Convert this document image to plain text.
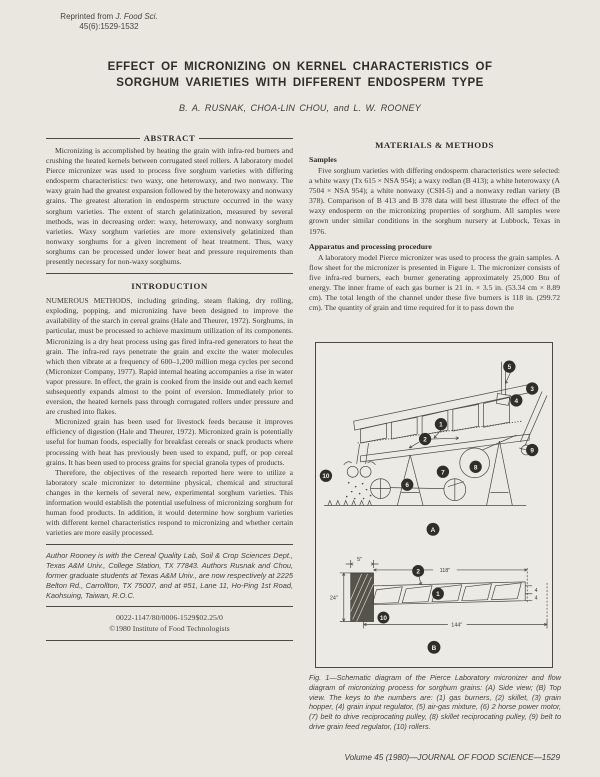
Reprinted from J. Food Sci.
45(6):1529-1532
EFFECT OF MICRONIZING ON KERNEL CHARACTERISTICS OF
SORGHUM VARIETIES WITH DIFFERENT ENDOSPERM TYPE
B. A. RUSNAK, CHOA-LIN CHOU, and L. W. ROONEY
ABSTRACT

Micronizing is accomplished by heating the grain with infra-red burners and crushing the heated kernels between corrugated steel rollers. A laboratory model Pierce micronizer was used to process five sorghum varieties with differing endosperm characteristics: two waxy, one heterowaxy, and two nonwaxy. The waxy grain had the greatest expansion followed by the heterowaxy and nonwaxy grains. The greatest alteration in endosperm structure occurred in the waxy sorghum varieties. The extent of starch gelatinization, measured by several methods, was in decreasing order: waxy, heterowaxy, and nonwaxy sorghum varieties. Waxy sorghum varieties are more extensively gelatinized than nonwaxy sorghums for a given increment of heat treatment. Thus, waxy sorghums can be processed under lower heat and pressure requirements than presently necessary for non-waxy sorghums.

INTRODUCTION

NUMEROUS METHODS, including grinding, steam flaking, dry rolling, exploding, popping, and micronizing have been designed to improve the availability of the starch in cereal grains (Hale and Theurer, 1972). Sorghums, in particular, must be processed to achieve maximum utilization of its components. Micronizing is a dry heat process using gas fired infra-red generators to heat the grain. The infra-red rays penetrate the grain and excite the water molecules which then vibrate at a frequency of 600–1,200 million mega cycles per second (Micronizer Company, 1977). Rapid internal heating accompanies a rise in water vapor pressure. In effect, the grain is cooked from the inside out and each kernel subsequently expands almost to the point of eversion. Immediately prior to eversion, the heated kernels pass through corrugated rollers under pressure and are crushed into flakes.

Micronized grain has been used for livestock feeds because it improves efficiency of digestion (Hale and Theurer, 1972). Micronized grain is potentially useful for human foods, especially for breakfast cereals or snack products where processing with heat has previously been used to expand, puff, or pop cereal grains. It has been used to process grains for special granola types of products.

Therefore, the objectives of the research reported here were to utilize a laboratory scale micronizer to determine physical, chemical and structural changes in the kernels of several new, experimental sorghum varieties. This information would establish the potential usefulness of micronizing sorghum for human food products. In addition, it would determine how sorghum varieties with different kernel characteristics respond to micronizing and whether certain varieties are more easily processed.

Author Rooney is with the Cereal Quality Lab, Soil & Crop Sciences Dept., Texas A&M Univ., College Station, TX 77843. Authors Rusnak and Chou, former graduate students at Texas A&M Univ., are now respectively at 2225 Belton Rd., Carrollton, TX 75007, and at #51, Lane 11, Ho-Ping 1st Road, Kaohsuing, Taiwan, R.O.C.

0022-1147/80/0006-1529$02.25/0
©1980 Institute of Food Technologists
MATERIALS & METHODS
Samples

Five sorghum varieties with differing endosperm characteristics were selected: a white waxy (Tx 615 × NSA 954); a waxy redlan (B 413); a white heterowaxy (A 7504 × NSA 954); a white nonwaxy (CSH-5) and a nonwaxy redlan variety (B 378). Comparison of B 413 and B 378 data will best illustrate the effect of the waxy endosperm on the micronizing properties of sorghum. All samples were grown under similar conditions in the sorghum nursery at Lubbock, Texas in 1976.

Apparatus and processing procedure

A laboratory model Pierce micronizer was used to process the grain samples. A flow sheet for the micronizer is presented in Figure 1. The micronizer consists of five infra-red burners, each burner generating approximately 25,000 Btu of energy. The inner frame of each gas burner is 21 in. × 3.5 in. (53.34 cm × 8.89 cm). The total length of the channel under these five burners is 118 in. (299.72 cm). The quantity of grain and time required for it to pass down the

10
6
7
8
2
1
9
4
3
5
A
5"
118"
24"
144"
4
4
2
1
10
B
Fig. 1—Schematic diagram of the Pierce Laboratory micronizer and flow diagram of micronizing process for sorghum grains: (A) Side view; (B) Top view. The keys to the numbers are: (1) gas burners, (2) skillet, (3) grain hopper, (4) grain input regulator, (5) air-gas mixture, (6) 2 horse power motor, (7) belt to drive reciprocating pulley, (8) skillet reciprocating pulley, (9) belt to drive grain feed regulator, (10) rollers.
Volume 45 (1980)—JOURNAL OF FOOD SCIENCE—1529
